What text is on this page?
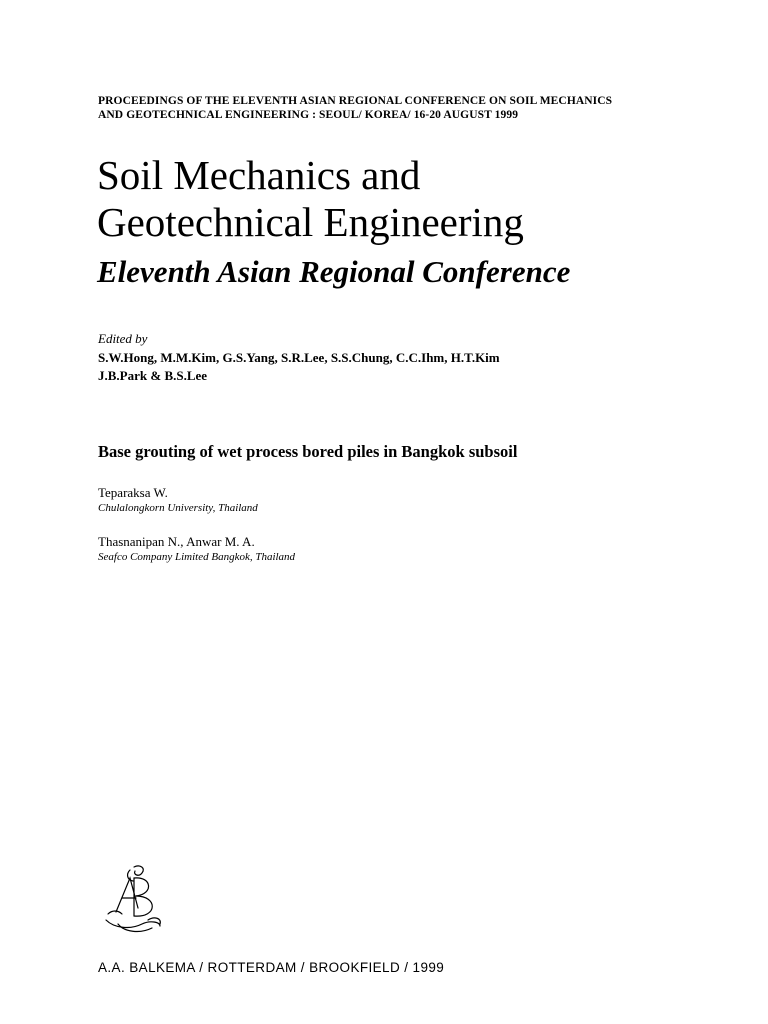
PROCEEDINGS OF THE ELEVENTH ASIAN REGIONAL CONFERENCE ON SOIL MECHANICS
AND GEOTECHNICAL ENGINEERING : SEOUL/ KOREA/ 16-20 AUGUST 1999
Soil Mechanics and
Geotechnical Engineering
Eleventh Asian Regional Conference
Edited by
S.W.Hong, M.M.Kim, G.S.Yang, S.R.Lee, S.S.Chung, C.C.Ihm, H.T.Kim
J.B.Park & B.S.Lee
Base grouting of wet process bored piles in Bangkok subsoil
Teparaksa W.
Chulalongkorn University, Thailand
Thasnanipan N., Anwar M. A.
Seafco Company Limited Bangkok, Thailand
A.A. BALKEMA / ROTTERDAM / BROOKFIELD / 1999
